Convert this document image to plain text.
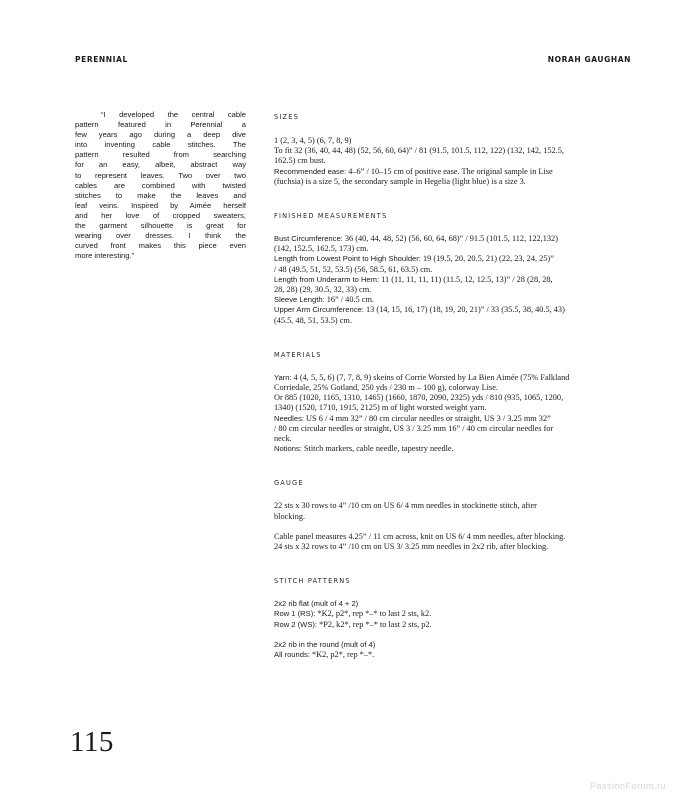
PERENNIAL	NORAH GAUGHAN
“I developed the central cable
pattern featured in Perennial a
few years ago during a deep dive
into inventing cable stitches. The
pattern resulted from searching
for an easy, albeit, abstract way
to represent leaves. Two over two
cables are combined with twisted
stitches to make the leaves and
leaf veins. Inspired by Aimée herself
and her love of cropped sweaters,
the garment silhouette is great for
wearing over dresses. I think the
curved front makes this piece even
more interesting.”

SIZES

1 (2, 3, 4, 5) (6, 7, 8, 9)

To fit 32 (36, 40, 44, 48) (52, 56, 60, 64)” / 81 (91.5, 101.5, 112, 122) (132, 142, 152.5,

162.5) cm bust.

Recommended ease: 4–6” / 10–15 cm of positive ease. The original sample in Lise

(fuchsia) is a size 5, the secondary sample in Hegelia (light blue) is a size 3.

FINISHED MEASUREMENTS

Bust Circumference: 36 (40, 44, 48, 52) (56, 60, 64, 68)” / 91.5 (101.5, 112, 122,132)

(142, 152.5, 162.5, 173) cm.

Length from Lowest Point to High Shoulder: 19 (19.5, 20, 20.5, 21) (22, 23, 24, 25)”

/ 48 (49.5, 51, 52, 53.5) (56, 58.5, 61, 63.5) cm.

Length from Underarm to Hem: 11 (11, 11, 11, 11) (11.5, 12, 12.5, 13)” / 28 (28, 28,

28, 28) (29, 30.5, 32, 33) cm.

Sleeve Length: 16” / 40.5 cm.

Upper Arm Circumference: 13 (14, 15, 16, 17) (18, 19, 20, 21)” / 33 (35.5, 38, 40.5, 43)

(45.5, 48, 51, 53.5) cm.

MATERIALS

Yarn: 4 (4, 5, 5, 6) (7, 7, 8, 9) skeins of Corrie Worsted by La Bien Aimée (75% Falkland

Corriedale, 25% Gotland, 250 yds / 230 m – 100 g), colorway Lise.

Or 885 (1020, 1165, 1310, 1465) (1660, 1870, 2090, 2325) yds / 810 (935, 1065, 1200,

1340) (1520, 1710, 1915, 2125) m of light worsted weight yarn.

Needles: US 6 / 4 mm 32” / 80 cm circular needles or straight, US 3 / 3.25 mm 32”

/ 80 cm circular needles or straight, US 3 / 3.25 mm 16” / 40 cm circular needles for

neck.

Notions: Stitch markers, cable needle, tapestry needle.

GAUGE

22 sts x 30 rows to 4” /10 cm on US 6/ 4 mm needles in stockinette stitch, after

blocking.

Cable panel measures 4.25” / 11 cm across, knit on US 6/ 4 mm needles, after blocking.

24 sts x 32 rows to 4” /10 cm on US 3/ 3.25 mm needles in 2x2 rib, after blocking.

STITCH PATTERNS

2x2 rib flat (mult of 4 + 2)

Row 1 (RS): *K2, p2*, rep *–* to last 2 sts, k2.

Row 2 (WS): *P2, k2*, rep *–* to last 2 sts, p2.

2x2 rib in the round (mult of 4)

All rounds: *K2, p2*, rep *–*.

115
PassionForum.ru
